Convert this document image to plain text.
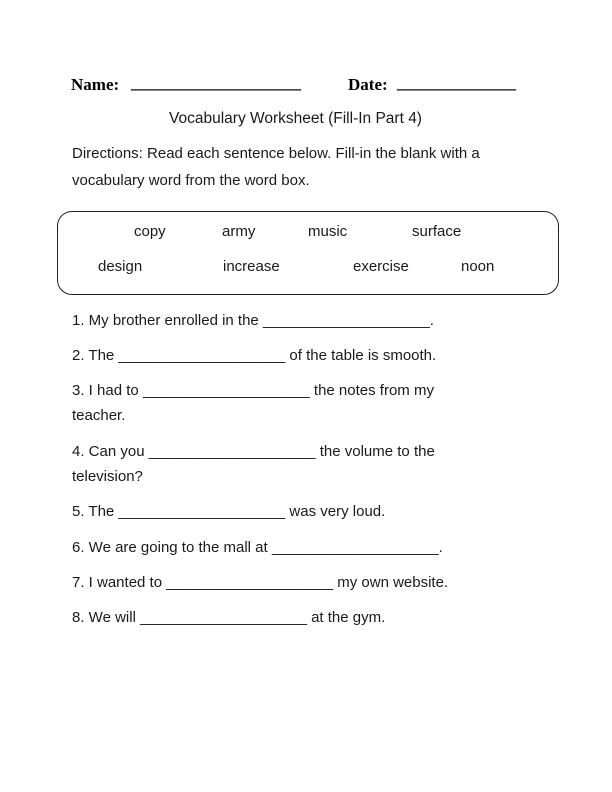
Name: ____________________	Date: ______________
Vocabulary Worksheet (Fill-In Part 4)
Directions: Read each sentence below. Fill-in the blank with a
vocabulary word from the word box.
copy	army	music	surface
design	increase	exercise	noon
1. My brother enrolled in the ____________________.
2. The ____________________ of the table is smooth.
3. I had to ____________________ the notes from my
teacher.
4. Can you ____________________ the volume to the
television?
5. The ____________________ was very loud.
6. We are going to the mall at ____________________.
7. I wanted to ____________________ my own website.
8. We will ____________________ at the gym.
